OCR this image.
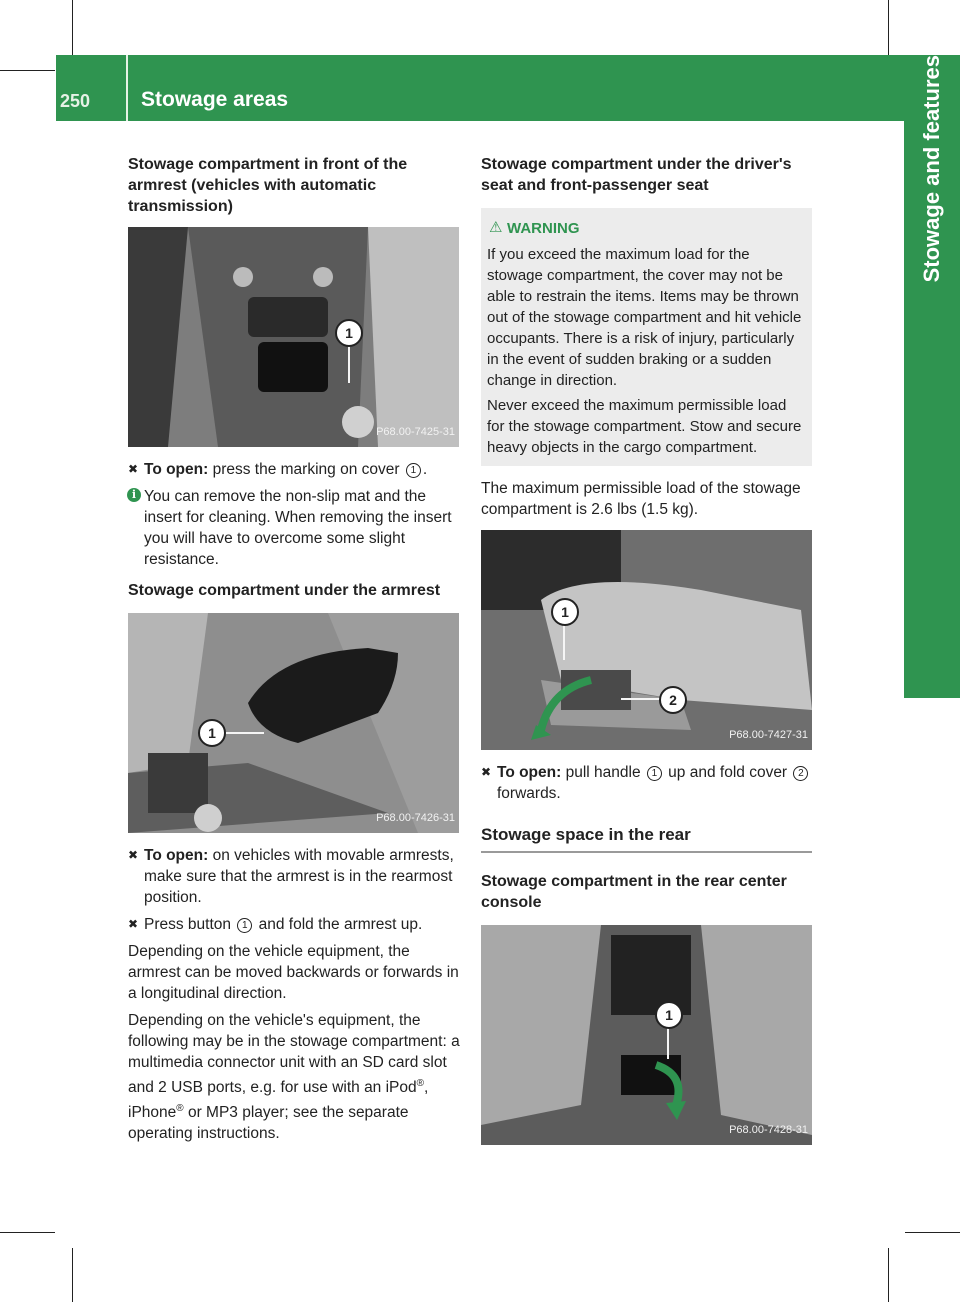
250 Stowage areas	Stowage and features
Stowage compartment in front of the armrest (vehicles with automatic transmission)
1
P68.00-7425-31
✖ To open: press the marking on cover 1 .
i You can remove the non-slip mat and the insert for cleaning. When removing the insert you will have to overcome some slight resistance.
Stowage compartment under the armrest
1
P68.00-7426-31
✖ To open: on vehicles with movable armrests, make sure that the armrest is in the rearmost position.
✖ Press button 1 and fold the armrest up.

Depending on the vehicle equipment, the armrest can be moved backwards or forwards in a longitudinal direction.

Depending on the vehicle's equipment, the following may be in the stowage compartment: a multimedia connector unit with an SD card slot and 2 USB ports, e.g. for use with an iPod®, iPhone® or MP3 player; see the separate operating instructions.

Stowage compartment under the driver's seat and front-passenger seat
⚠ WARNING

If you exceed the maximum load for the stowage compartment, the cover may not be able to restrain the items. Items may be thrown out of the stowage compartment and hit vehicle occupants. There is a risk of injury, particularly in the event of sudden braking or a sudden change in direction.

Never exceed the maximum permissible load for the stowage compartment. Stow and secure heavy objects in the cargo compartment.

The maximum permissible load of the stowage compartment is 2.6 lbs (1.5 kg).

1
2
P68.00-7427-31
✖ To open: pull handle 1 up and fold cover 2 forwards.
Stowage space in the rear
Stowage compartment in the rear center console
1
P68.00-7428-31
